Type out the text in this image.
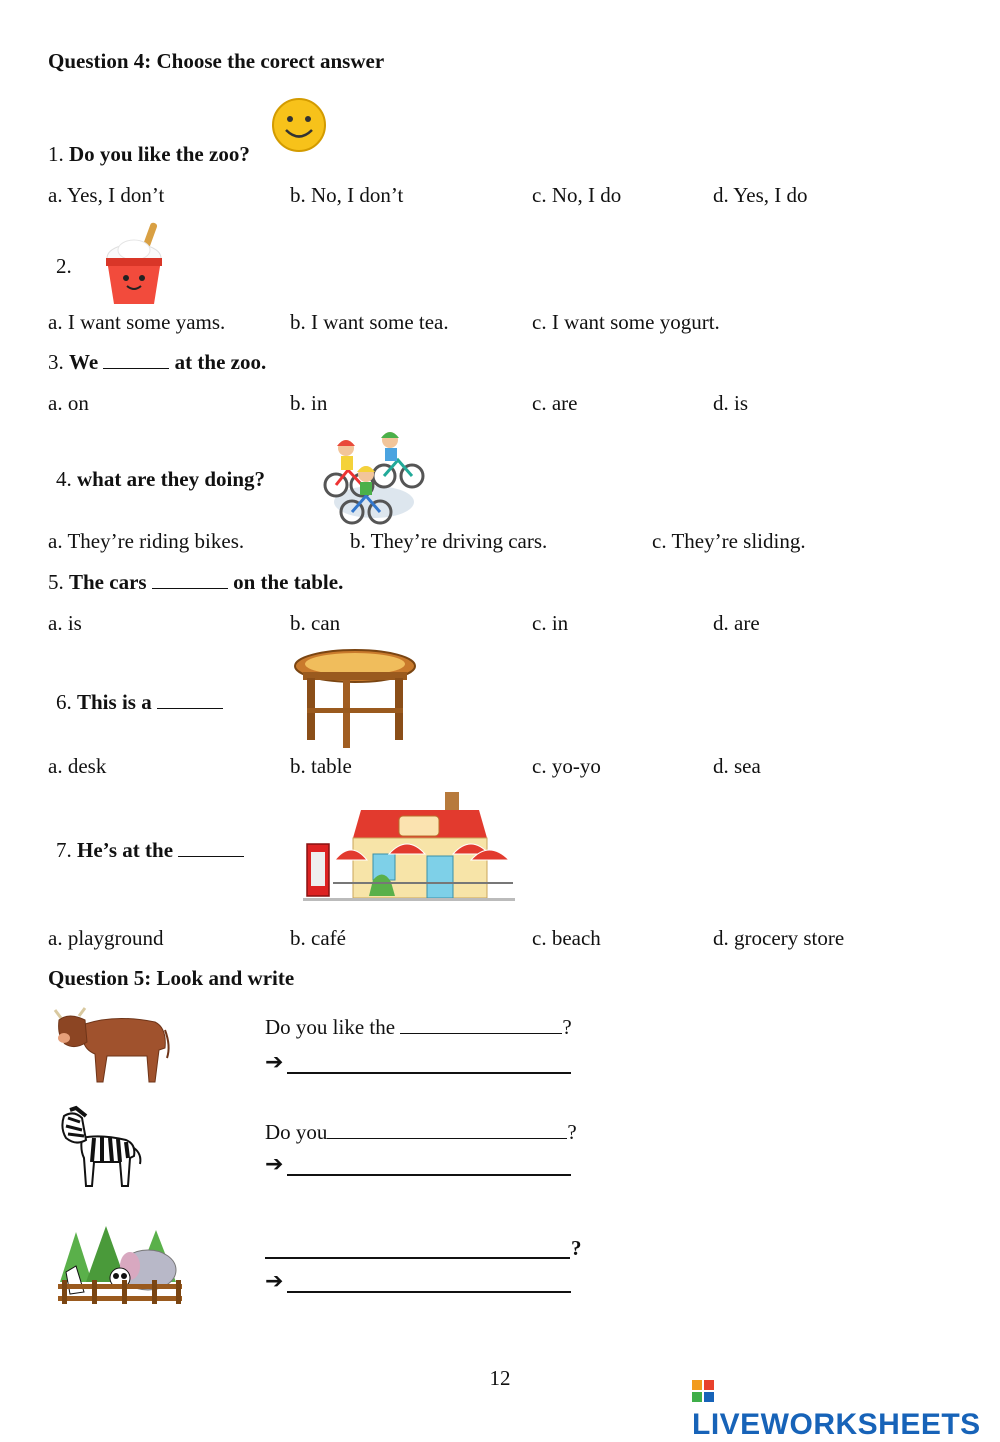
Question 4: Choose the corect answer
1. Do you like the zoo?
a. Yes, I don’t	b. No, I don’t	c. No, I do	d. Yes, I do
2.
a. I want some yams.	b. I want some tea.	c. I want some yogurt.
3. We	at the zoo.
a. on	b. in	c. are	d. is
4. what are they doing?
a. They’re riding bikes.	b. They’re driving cars.	c. They’re sliding.
5. The cars	on the table.
a. is	b. can	c. in	d. are
6. This is a
a. desk	b. table	c. yo-yo	d. sea
7. He’s at the
a. playground	b. café	c. beach	d. grocery store
Question 5: Look and write
Do you like the	?
➔
Do you	?
➔
?
➔
12
LIVEWORKSHEETS
